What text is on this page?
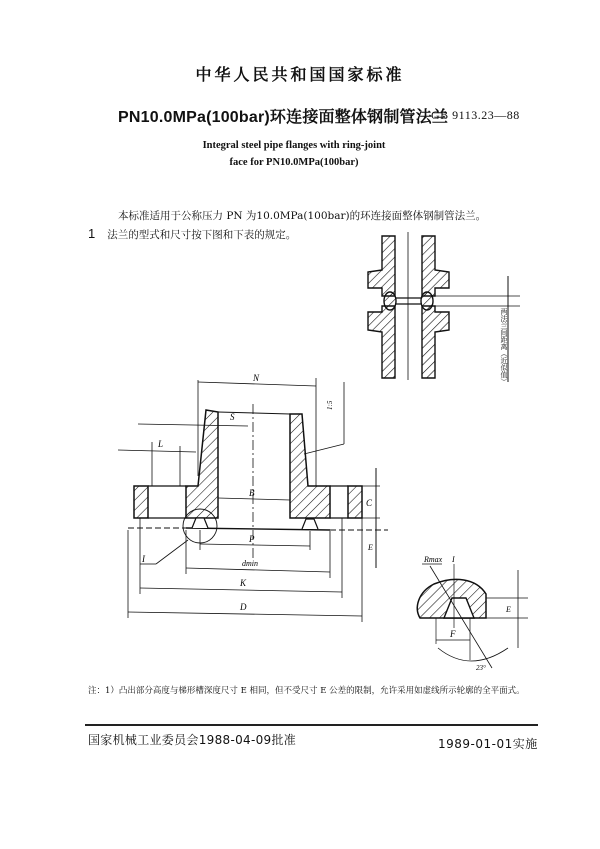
中华人民共和国国家标准
PN10.0MPa(100bar)环连接面整体钢制管法兰
GB 9113.23—88
Integral steel pipe flanges with ring-joint
face for PN10.0MPa(100bar)
本标准适用于公称压力 PN 为10.0MPa(100bar)的环连接面整体钢制管法兰。
1 法兰的型式和尺寸按下图和下表的规定。
两法兰间距离（近似值）
N
S
L
1:5
B
C
E
P
I	dmin
K
D
Rmax I
E
F
23°
注：1）凸出部分高度与梯形槽深度尺寸 E 相同，但不受尺寸 E 公差的限制，允许采用如虚线所示轮廓的全平面式。
国家机械工业委员会1988-04-09批准	1989-01-01实施
